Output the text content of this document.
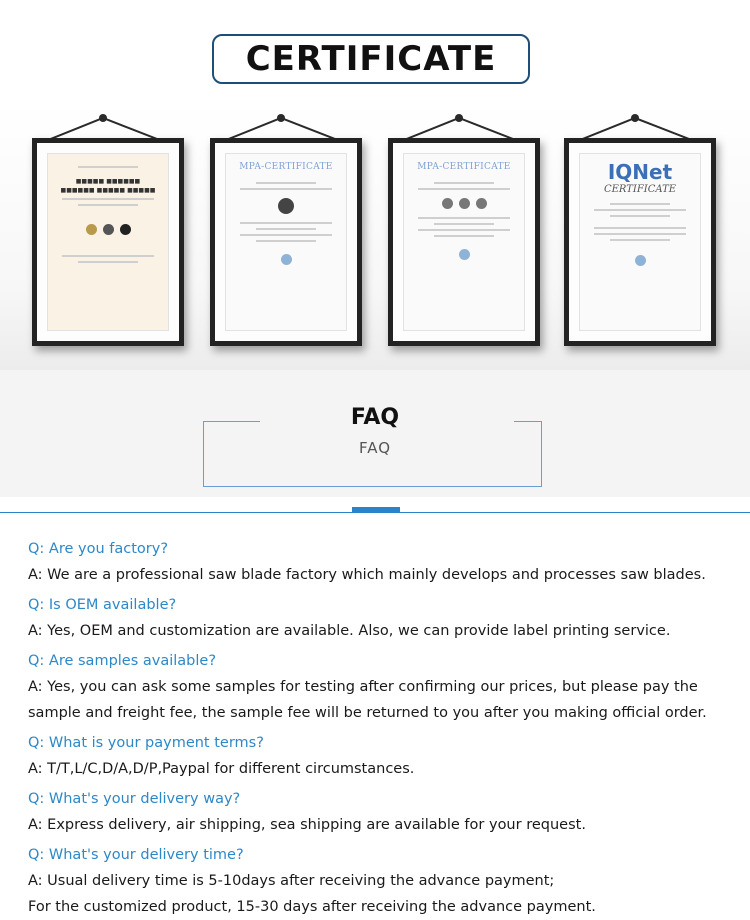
CERTIFICATE
■■■■■ ■■■■■■
■■■■■■ ■■■■■ ■■■■■
MPA-CERTIFICATE	MPA-CERTIFICATE	IQNet
CERTIFICATE
FAQ
FAQ
Q: Are you factory?
A: We are a professional saw blade factory which mainly develops and processes saw blades.
Q: Is OEM available?
A: Yes, OEM and customization are available. Also, we can provide label printing service.
Q: Are samples available?
A: Yes, you can ask some samples for testing after confirming our prices, but please pay the sample and freight fee, the sample fee will be returned to you after you making official order.
Q: What is your payment terms?
A: T/T,L/C,D/A,D/P,Paypal for different circumstances.
Q: What's your delivery way?
A: Express delivery, air shipping, sea shipping are available for your request.
Q: What's your delivery time?
A: Usual delivery time is 5-10days after receiving the advance payment;
For the customized product, 15-30 days after receiving the advance payment.
